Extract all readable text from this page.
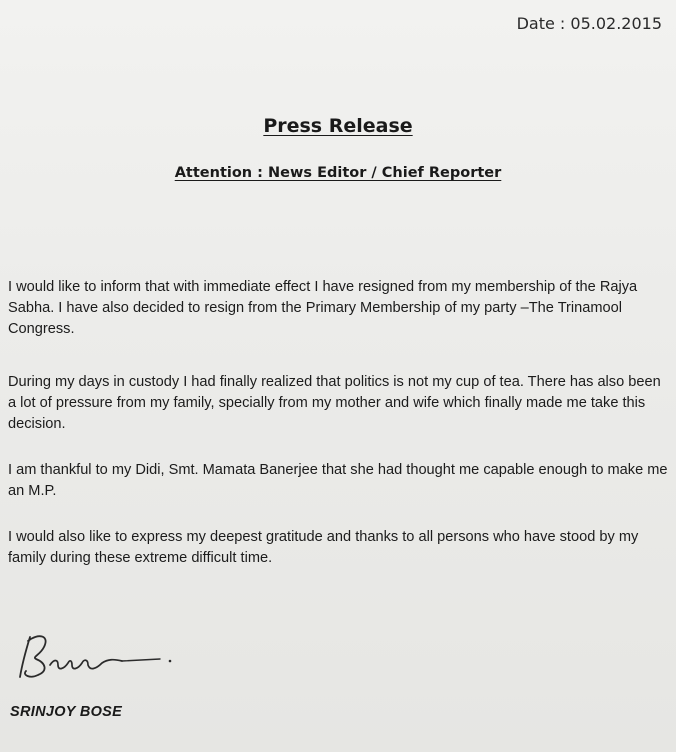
Date : 05.02.2015
Press Release
Attention : News Editor / Chief Reporter
I would like to inform that with immediate effect I have resigned from my membership of the Rajya Sabha. I have also decided to resign from the Primary Membership of my party –The Trinamool Congress.
During my days in custody I had finally realized that politics is not my cup of tea. There has also been a lot of pressure from my family, specially from my mother and wife which finally made me take this decision.
I am thankful to my Didi, Smt. Mamata Banerjee that she had thought me capable enough to make me an M.P.
I would also like to express my deepest gratitude and thanks to all persons who have stood by my family during these extreme difficult time.
SRINJOY BOSE
